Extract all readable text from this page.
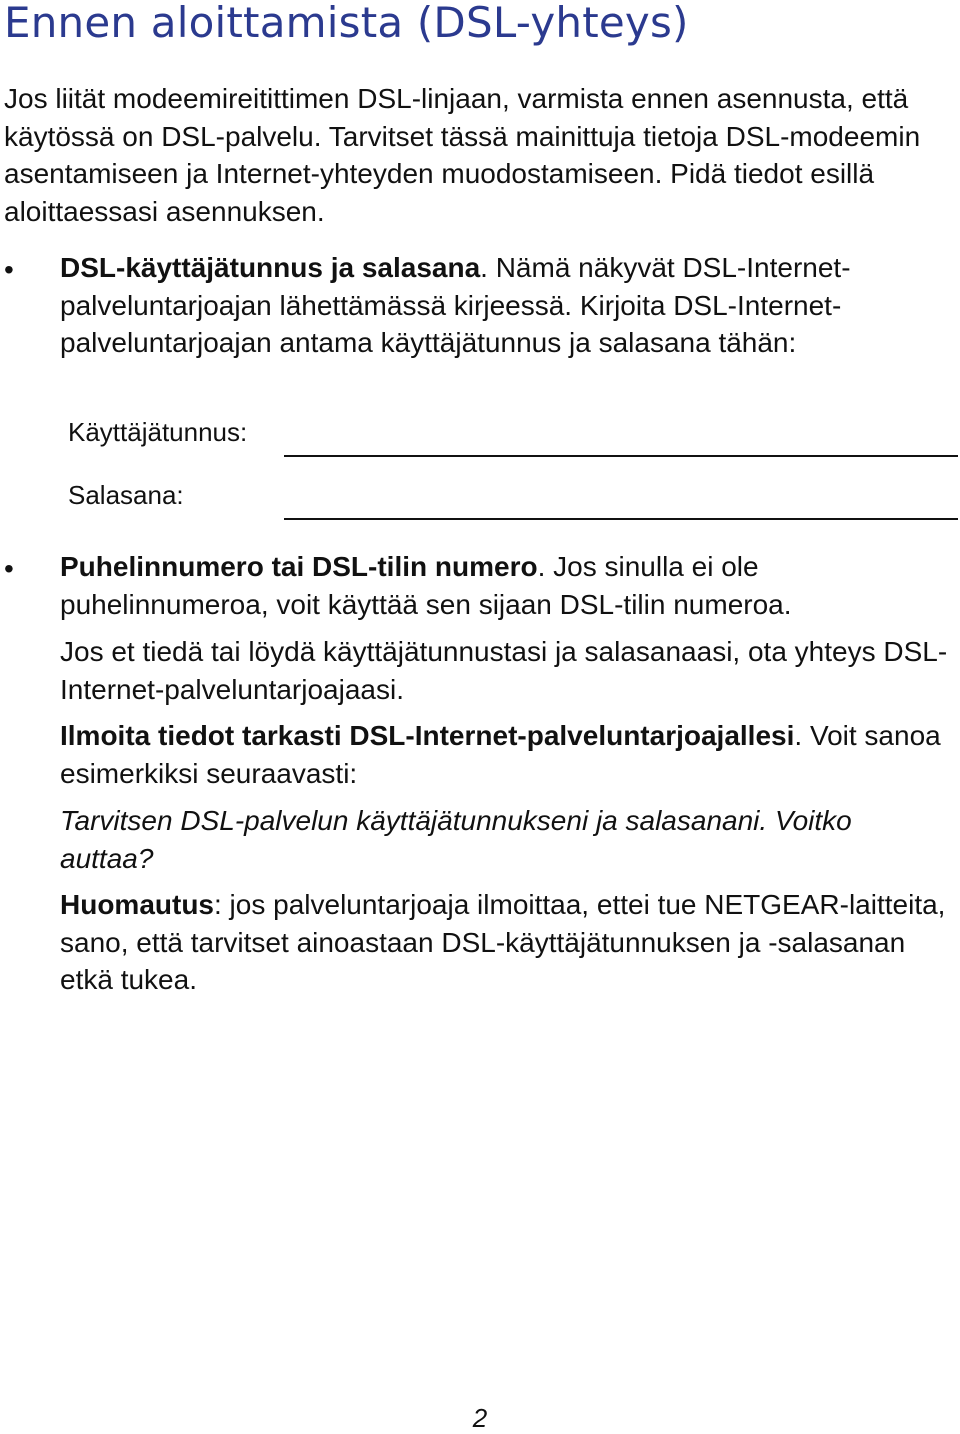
Ennen aloittamista (DSL-yhteys)

Jos liität modeemireitittimen DSL-linjaan, varmista ennen asennusta, että käytössä on DSL-palvelu. Tarvitset tässä mainittuja tietoja DSL-modeemin asentamiseen ja Internet-yhteyden muodostamiseen. Pidä tiedot esillä aloittaessasi asennuksen.

• DSL-käyttäjätunnus ja salasana. Nämä näkyvät DSL-Internet-palveluntarjoajan lähettämässä kirjeessä. Kirjoita DSL-Internet-palveluntarjoajan antama käyttäjätunnus ja salasana tähän:

Käyttäjätunnus:
Salasana:
• Puhelinnumero tai DSL-tilin numero. Jos sinulla ei ole puhelinnumeroa, voit käyttää sen sijaan DSL-tilin numeroa.

Jos et tiedä tai löydä käyttäjätunnustasi ja salasanaasi, ota yhteys DSL-Internet-palveluntarjoajaasi.

Ilmoita tiedot tarkasti DSL-Internet-palveluntarjoajallesi. Voit sanoa esimerkiksi seuraavasti:

Tarvitsen DSL-palvelun käyttäjätunnukseni ja salasanani. Voitko auttaa?

Huomautus: jos palveluntarjoaja ilmoittaa, ettei tue NETGEAR-laitteita, sano, että tarvitset ainoastaan DSL-käyttäjätunnuksen ja -salasanan etkä tukea.

2
